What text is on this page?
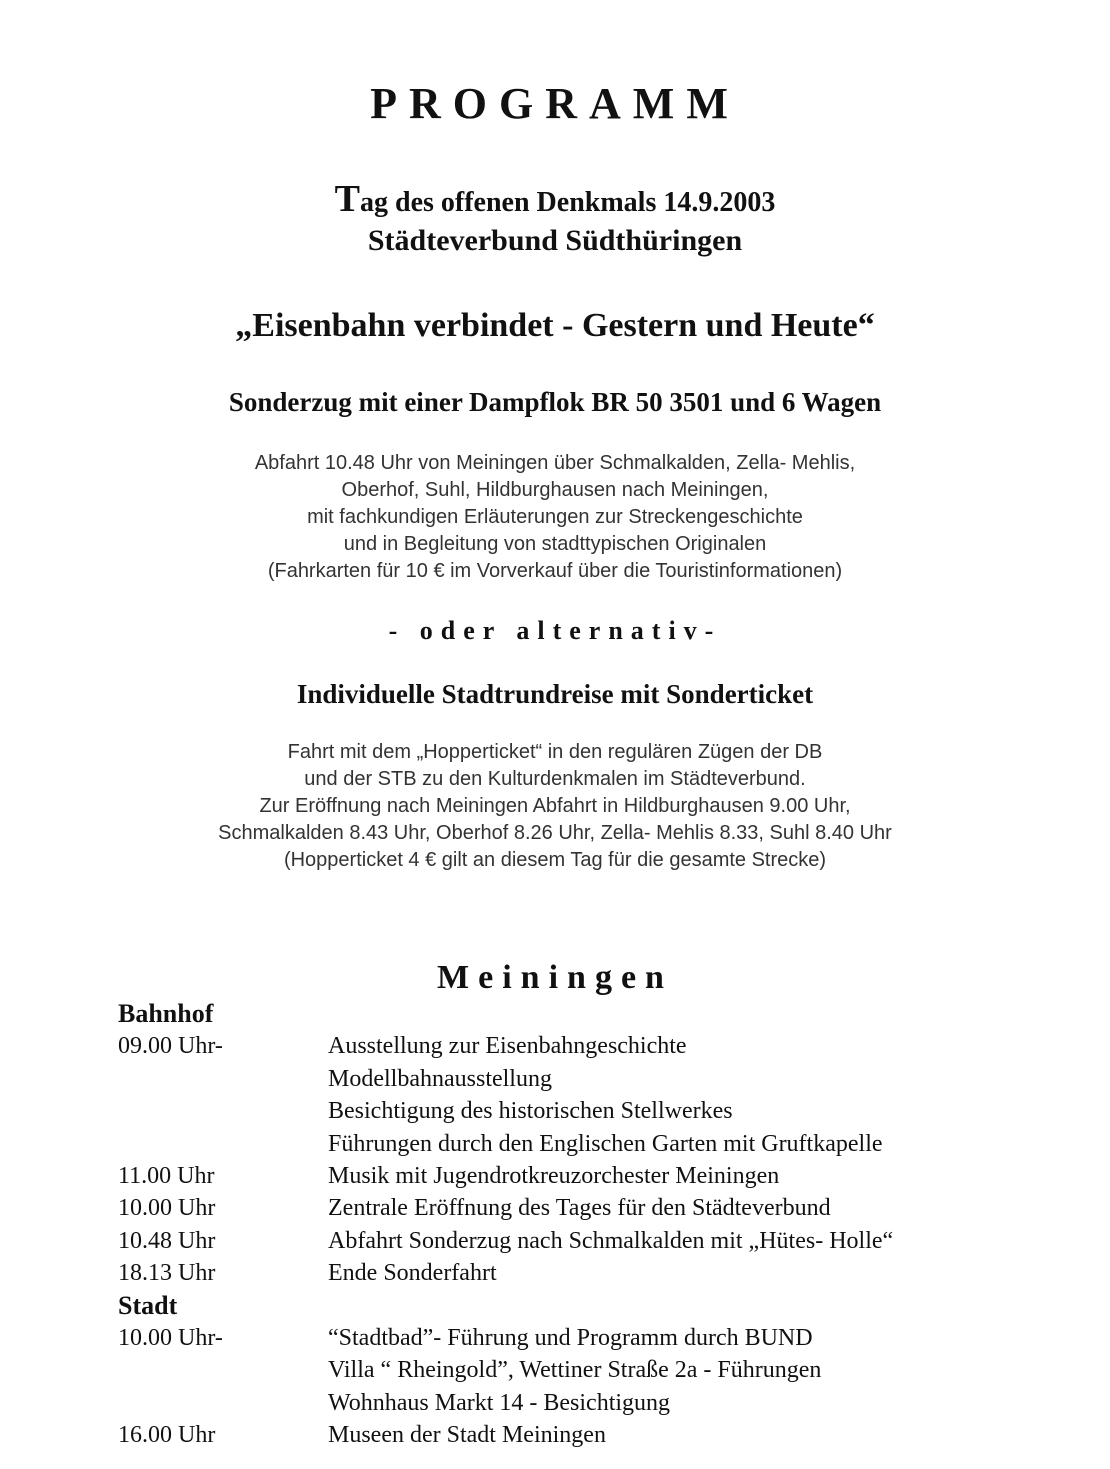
PROGRAMM
Tag des offenen Denkmals 14.9.2003
Städteverbund Südthüringen
„Eisenbahn verbindet - Gestern und Heute“
Sonderzug mit einer Dampflok BR 50 3501 und 6 Wagen
Abfahrt 10.48 Uhr von Meiningen über Schmalkalden, Zella- Mehlis,
Oberhof, Suhl, Hildburghausen nach Meiningen,
mit fachkundigen Erläuterungen zur Streckengeschichte
und in Begleitung von stadttypischen Originalen
(Fahrkarten für 10 € im Vorverkauf über die Touristinformationen)
- oder alternativ-
Individuelle Stadtrundreise mit Sonderticket
Fahrt mit dem „Hopperticket“ in den regulären Zügen der DB
und der STB zu den Kulturdenkmalen im Städteverbund.
Zur Eröffnung nach Meiningen Abfahrt in Hildburghausen 9.00 Uhr,
Schmalkalden 8.43 Uhr, Oberhof 8.26 Uhr, Zella- Mehlis 8.33, Suhl 8.40 Uhr
(Hopperticket 4 € gilt an diesem Tag für die gesamte Strecke)
Meiningen
Bahnhof
09.00 Uhr-	Ausstellung zur Eisenbahngeschichte
Modellbahnausstellung
Besichtigung des historischen Stellwerkes
Führungen durch den Englischen Garten mit Gruftkapelle
11.00 Uhr	Musik mit Jugendrotkreuzorchester Meiningen
10.00 Uhr	Zentrale Eröffnung des Tages für den Städteverbund
10.48 Uhr	Abfahrt Sonderzug nach Schmalkalden mit „Hütes- Holle“
18.13 Uhr	Ende Sonderfahrt
Stadt
10.00 Uhr-	“Stadtbad”- Führung und Programm durch BUND
Villa “ Rheingold”, Wettiner Straße 2a - Führungen
Wohnhaus Markt 14 - Besichtigung
16.00 Uhr	Museen der Stadt Meiningen
